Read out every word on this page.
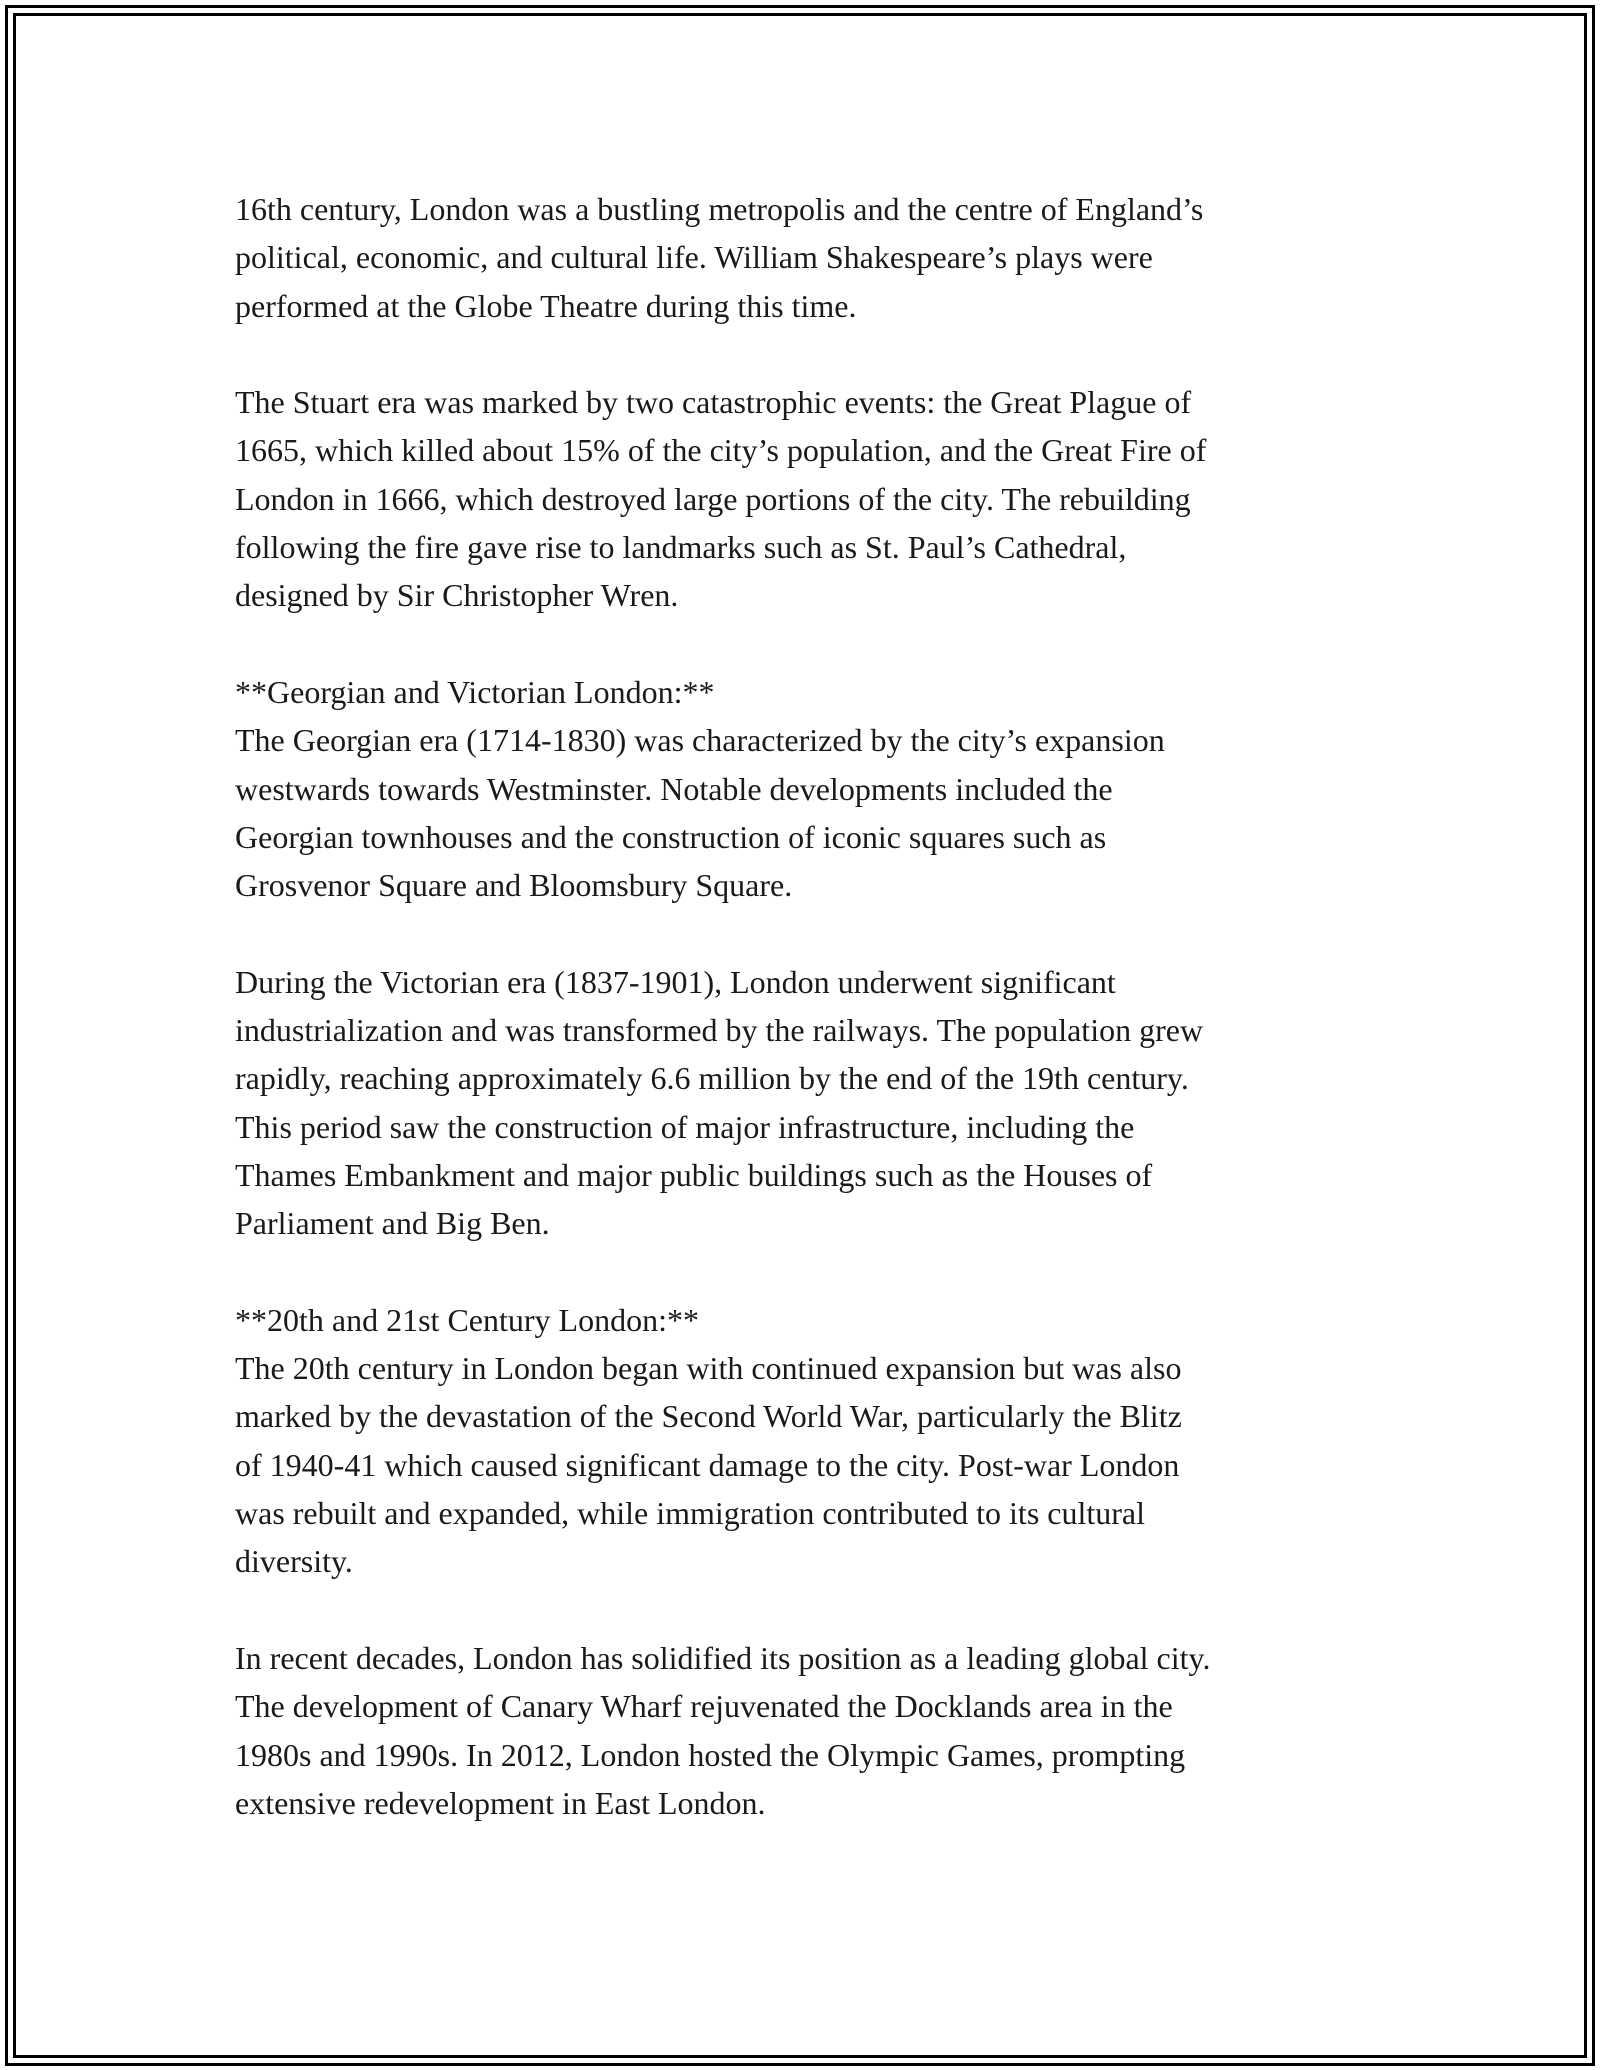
16th century, London was a bustling metropolis and the centre of England’s
political, economic, and cultural life. William Shakespeare’s plays were
performed at the Globe Theatre during this time.

The Stuart era was marked by two catastrophic events: the Great Plague of
1665, which killed about 15% of the city’s population, and the Great Fire of
London in 1666, which destroyed large portions of the city. The rebuilding
following the fire gave rise to landmarks such as St. Paul’s Cathedral,
designed by Sir Christopher Wren.

**Georgian and Victorian London:**
The Georgian era (1714-1830) was characterized by the city’s expansion
westwards towards Westminster. Notable developments included the
Georgian townhouses and the construction of iconic squares such as
Grosvenor Square and Bloomsbury Square.

During the Victorian era (1837-1901), London underwent significant
industrialization and was transformed by the railways. The population grew
rapidly, reaching approximately 6.6 million by the end of the 19th century.
This period saw the construction of major infrastructure, including the
Thames Embankment and major public buildings such as the Houses of
Parliament and Big Ben.

**20th and 21st Century London:**
The 20th century in London began with continued expansion but was also
marked by the devastation of the Second World War, particularly the Blitz
of 1940-41 which caused significant damage to the city. Post-war London
was rebuilt and expanded, while immigration contributed to its cultural
diversity.

In recent decades, London has solidified its position as a leading global city.
The development of Canary Wharf rejuvenated the Docklands area in the
1980s and 1990s. In 2012, London hosted the Olympic Games, prompting
extensive redevelopment in East London.
